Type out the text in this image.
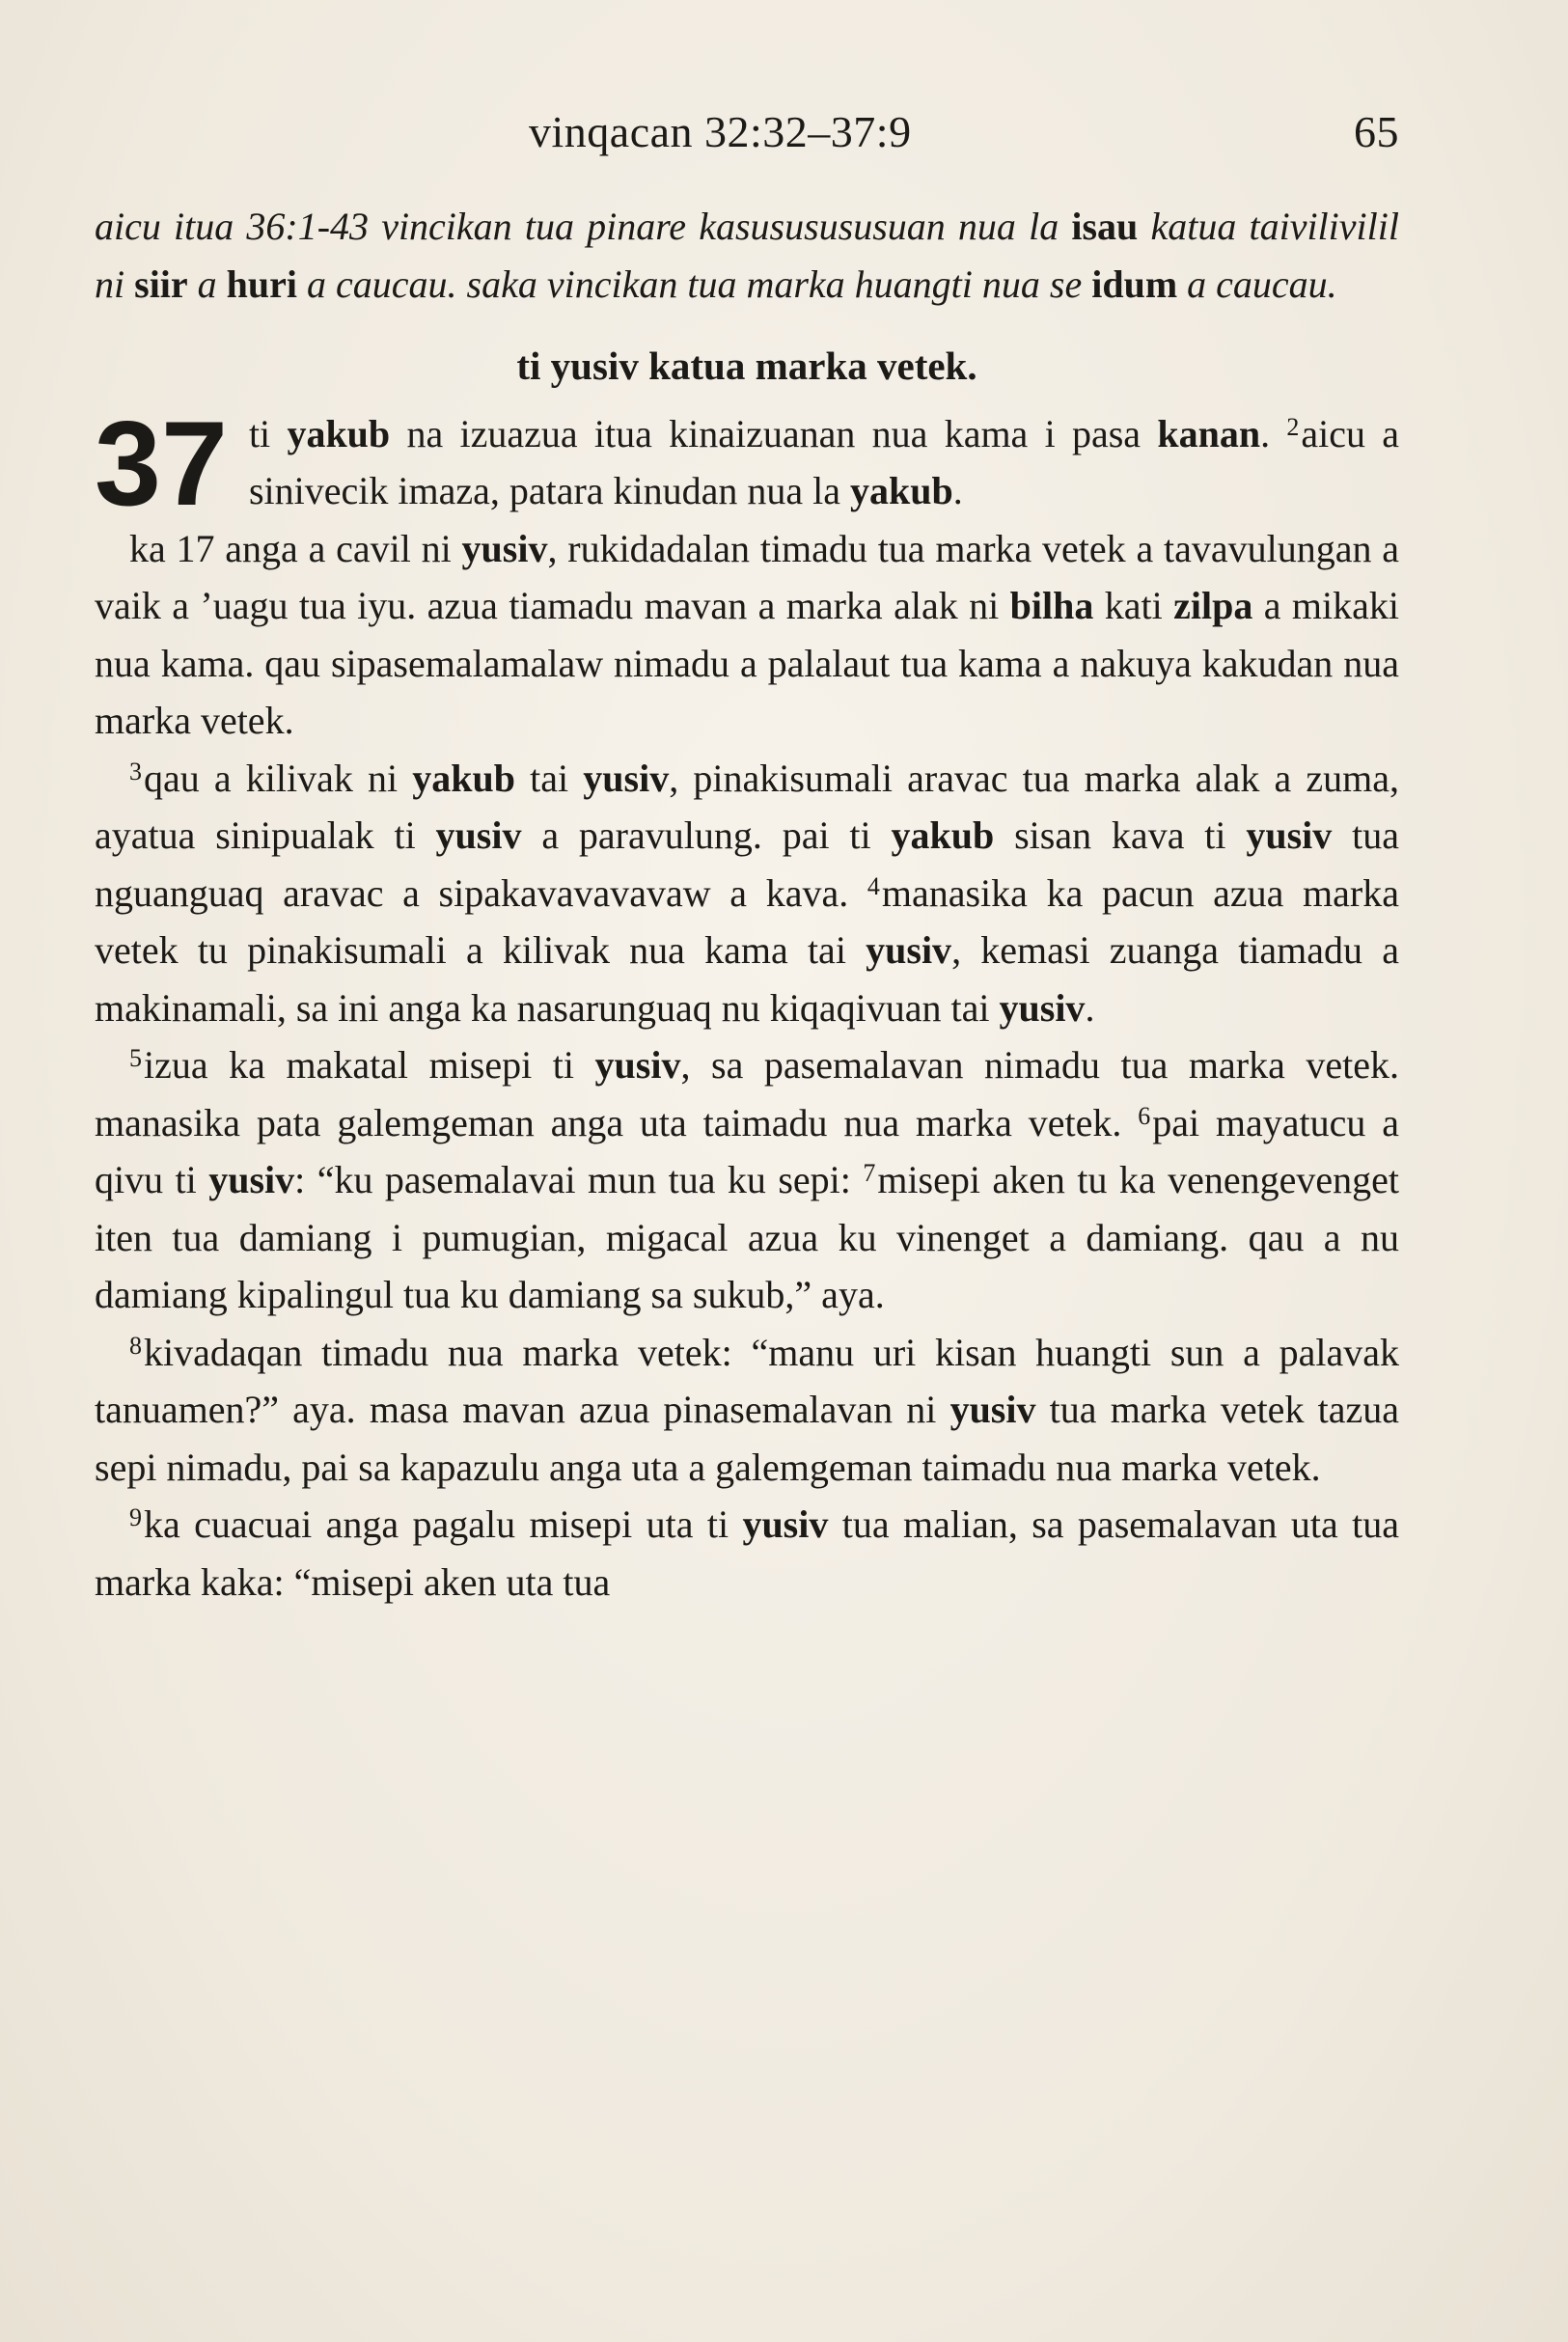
vinqacan 32:32–37:9	65

aicu itua 36:1-43 vincikan tua pinare kasususususuan nua la isau katua taivilivilil ni siir a huri a caucau. saka vincikan tua marka huangti nua se idum a caucau.

ti yusiv katua marka vetek.

37 ti yakub na izuazua itua kinaizuanan nua kama i pasa kanan. $^2$aicu a sinivecik imaza, patara kinudan nua la yakub.

ka 17 anga a cavil ni yusiv, rukidadalan timadu tua marka vetek a tavavulungan a vaik a ’uagu tua iyu. azua tiamadu mavan a marka alak ni bilha kati zilpa a mikaki nua kama. qau sipasemalamalaw nimadu a palalaut tua kama a nakuya kakudan nua marka vetek.

$^3$qau a kilivak ni yakub tai yusiv, pinakisumali aravac tua marka alak a zuma, ayatua sinipualak ti yusiv a paravulung. pai ti yakub sisan kava ti yusiv tua nguanguaq aravac a sipakavavavavaw a kava. $^4$manasika ka pacun azua marka vetek tu pinakisumali a kilivak nua kama tai yusiv, kemasi zuanga tiamadu a makinamali, sa ini anga ka nasarunguaq nu kiqaqivuan tai yusiv.

$^5$izua ka makatal misepi ti yusiv, sa pasemalavan nimadu tua marka vetek. manasika pata galemgeman anga uta taimadu nua marka vetek. $^6$pai mayatucu a qivu ti yusiv: “ku pasemalavai mun tua ku sepi: $^7$misepi aken tu ka venengevenget iten tua damiang i pumugian, migacal azua ku vinenget a damiang. qau a nu damiang kipalingul tua ku damiang sa sukub,” aya.

$^8$kivadaqan timadu nua marka vetek: “manu uri kisan huangti sun a palavak tanuamen?” aya. masa mavan azua pinasemalavan ni yusiv tua marka vetek tazua sepi nimadu, pai sa kapazulu anga uta a galemgeman taimadu nua marka vetek.

$^9$ka cuacuai anga pagalu misepi uta ti yusiv tua malian, sa pasemalavan uta tua marka kaka: “misepi aken uta tua
